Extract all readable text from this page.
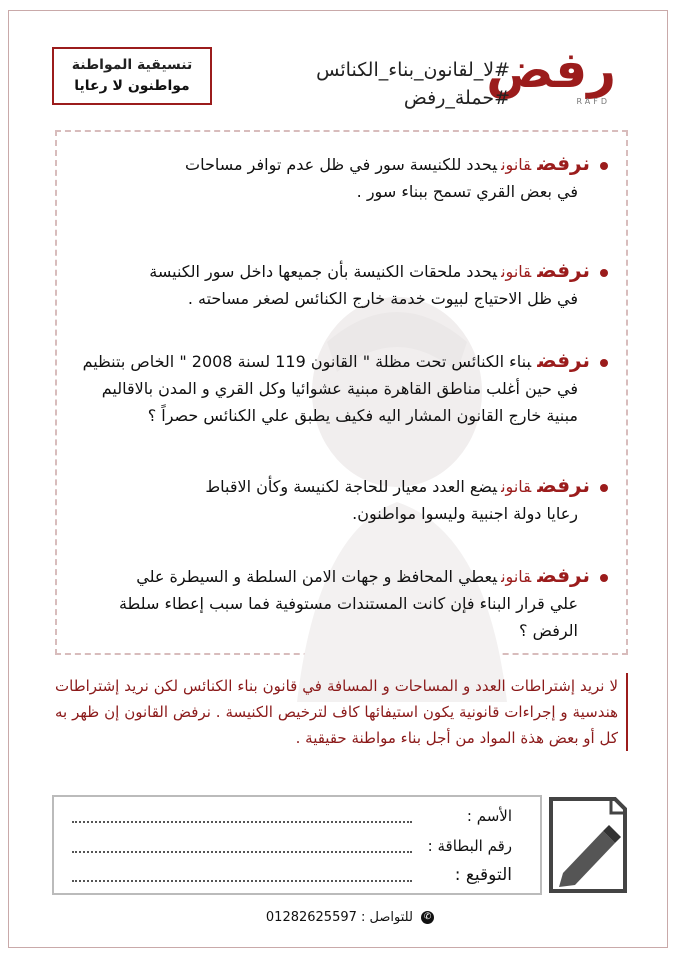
رفض
RAFD
#لا_لقانون_بناء_الكنائس
#حملة_رفض
تنسيقية المواطنة
مواطنون لا رعايا
نرفضقانونيحدد للكنيسة سور في ظل عدم توافر مساحات
في بعض القري تسمح ببناء سور .
نرفضقانونيحدد ملحقات الكنيسة بأن جميعها داخل سور الكنيسة
في ظل الاحتياج لبيوت خدمة خارج الكنائس لصغر مساحته .
نرفضبناء الكنائس تحت مظلة " القانون 119 لسنة 2008 " الخاص بتنظيم
في حين أغلب مناطق القاهرة مبنية عشوائيا وكل القري و المدن بالاقاليم
مبنية خارج القانون المشار اليه فكيف يطبق علي الكنائس حصراً ؟
نرفضقانونيضع العدد معيار للحاجة لكنيسة وكأن الاقباط
رعايا دولة اجنبية وليسوا مواطنون.
نرفضقانونيعطي المحافظ و جهات الامن السلطة و السيطرة علي
علي قرار البناء فإن كانت المستندات مستوفية فما سبب إعطاء سلطة
الرفض ؟
لا نريد إشتراطات العدد و المساحات و المسافة في قانون بناء الكنائس لكن نريد إشتراطات هندسية و إجراءات قانونية يكون استيفائها كاف لترخيص الكنيسة . نرفض القانون إن ظهر به كل أو بعض هذة المواد من أجل بناء مواطنة حقيقية .
الأسم :
رقم البطاقة :
التوقيع :
✆ للتواصل : 01282625597
